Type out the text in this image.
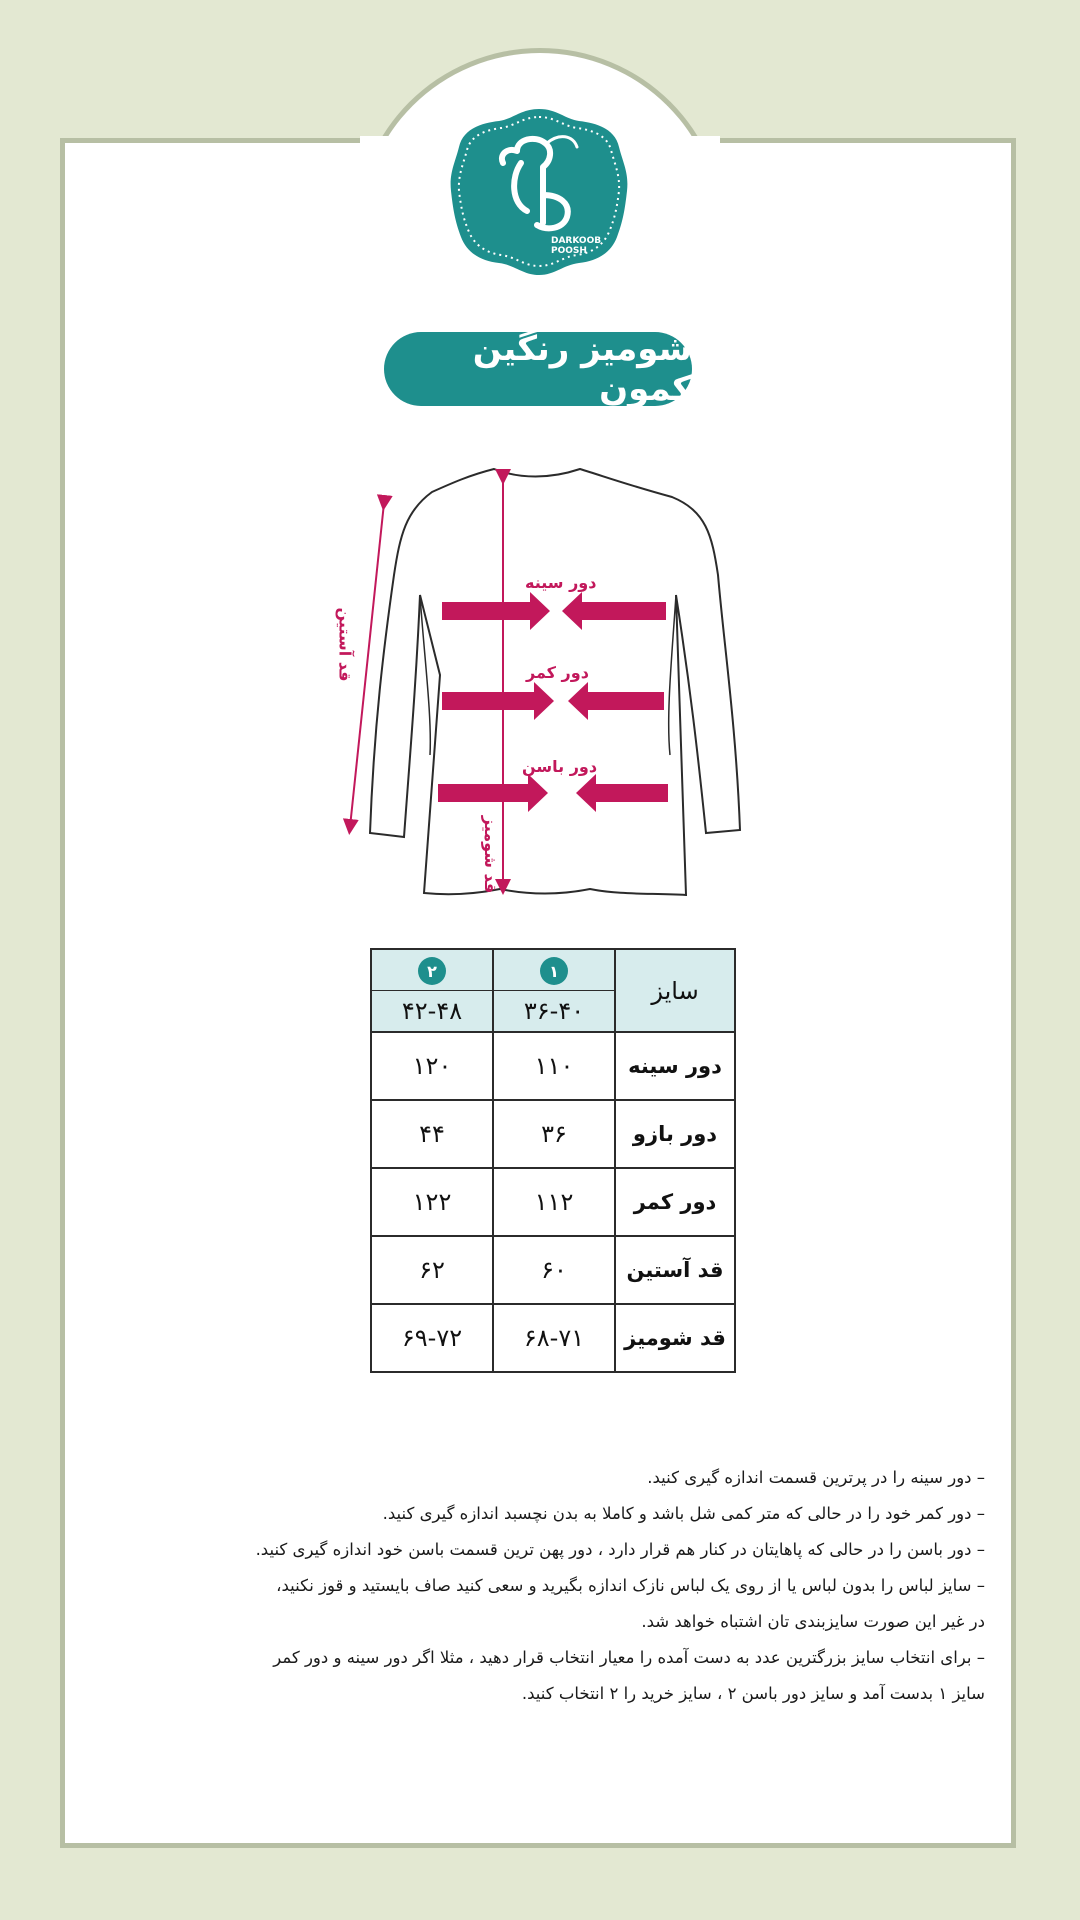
DARKOOB
POOSH
شومیز رنگین کمون
دور سینه
دور کمر
دور باسن
قد آستین
قد شومیز
سایز	۱	۲
	۳۶-۴۰	۴۲-۴۸
دور سینه	۱۱۰	۱۲۰
دور بازو	۳۶	۴۴
دور کمر	۱۱۲	۱۲۲
قد آستین	۶۰	۶۲
قد شومیز	۶۸-۷۱	۶۹-۷۲

– دور سینه را در پرترین قسمت اندازه گیری کنید.

– دور کمر خود را در حالی که متر کمی شل باشد و کاملا به بدن نچسبد اندازه گیری کنید.

– دور باسن را در حالی که پاهایتان در کنار هم قرار دارد ، دور پهن ترین قسمت باسن خود اندازه گیری کنید.

– سایز لباس را بدون لباس یا از روی یک لباس نازک اندازه بگیرید و سعی کنید صاف بایستید و قوز نکنید،

در غیر این صورت سایزبندی تان اشتباه خواهد شد.

– برای انتخاب سایز بزرگترین عدد به دست آمده را معیار انتخاب قرار دهید ، مثلا اگر دور سینه و دور کمر

سایز ۱ بدست آمد و سایز دور باسن ۲ ، سایز خرید را ۲ انتخاب کنید.
